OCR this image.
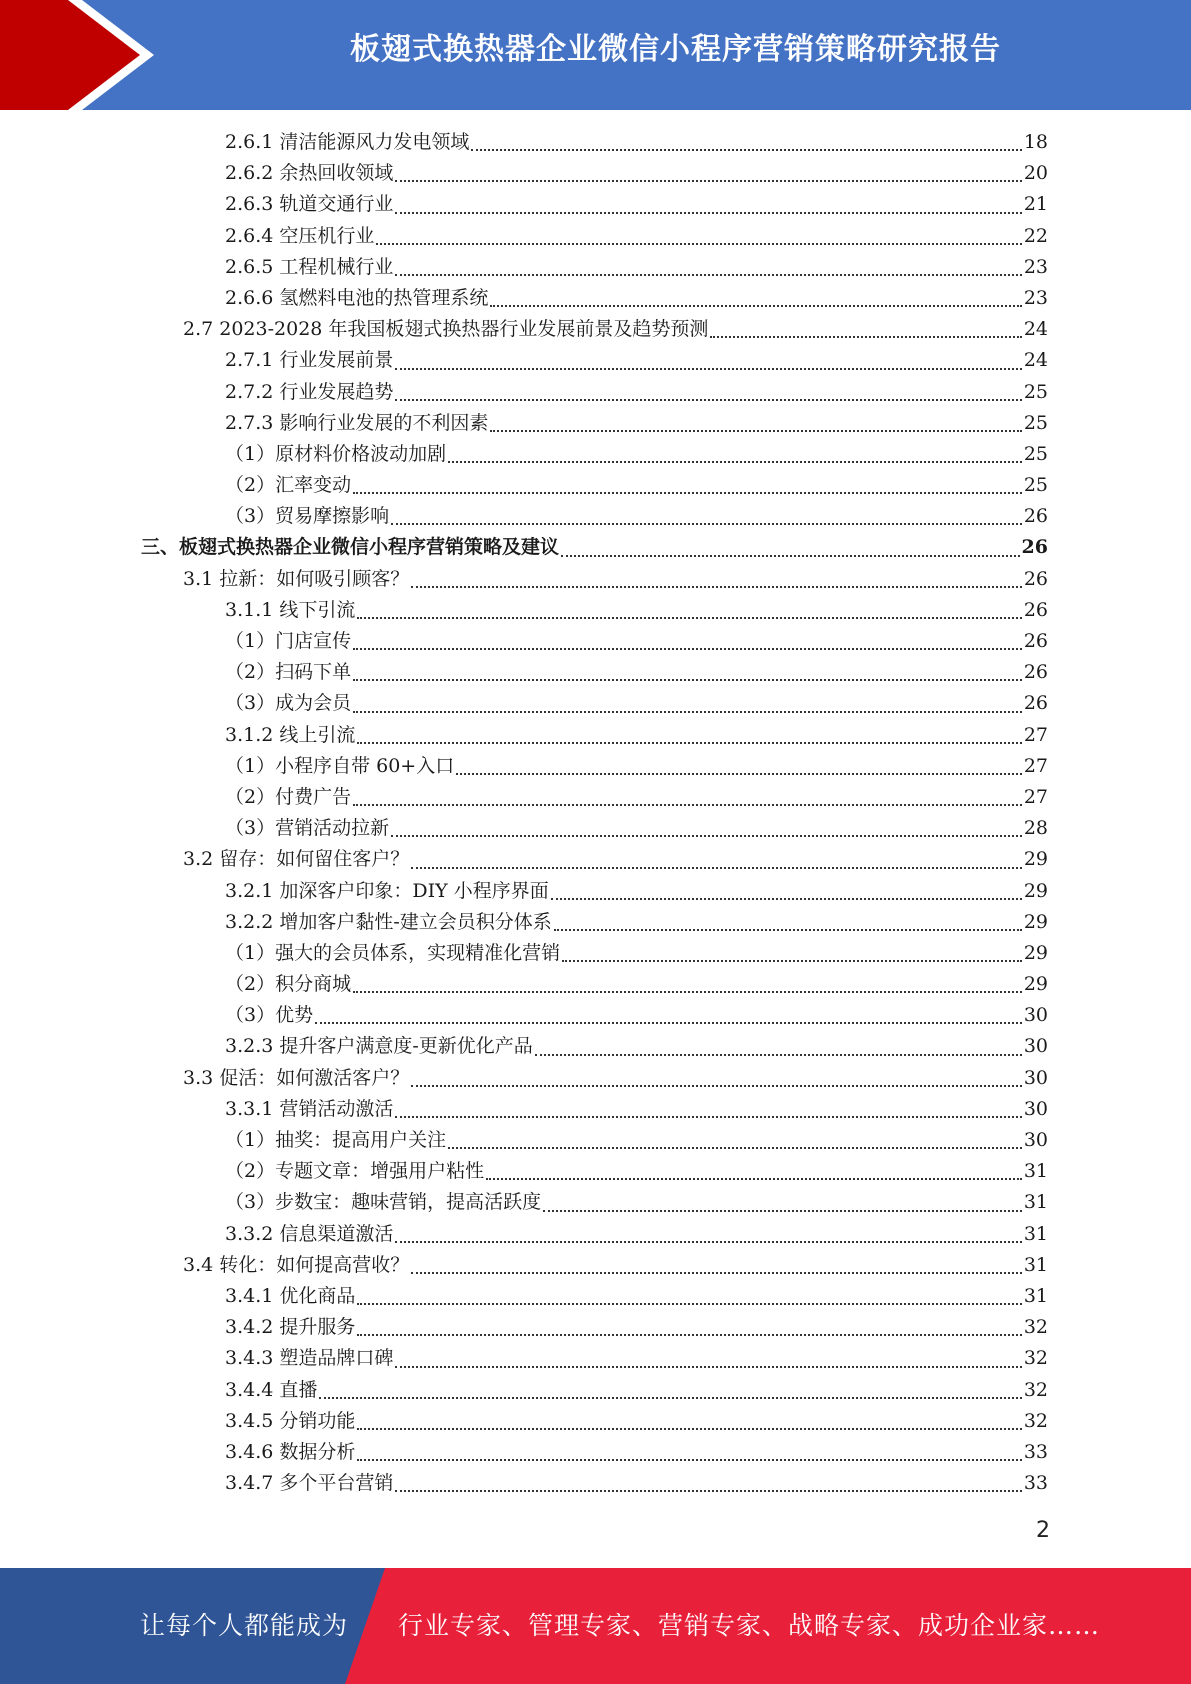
板翅式换热器企业微信小程序营销策略研究报告
2.6.1 清洁能源风力发电领域	18
2.6.2 余热回收领域	20
2.6.3 轨道交通行业	21
2.6.4 空压机行业	22
2.6.5 工程机械行业	23
2.6.6 氢燃料电池的热管理系统	23
2.7 2023-2028 年我国板翅式换热器行业发展前景及趋势预测	24
2.7.1 行业发展前景	24
2.7.2 行业发展趋势	25
2.7.3 影响行业发展的不利因素	25
（1）原材料价格波动加剧	25
（2）汇率变动	25
（3）贸易摩擦影响	26
三、板翅式换热器企业微信小程序营销策略及建议	26
3.1 拉新：如何吸引顾客？	26
3.1.1 线下引流	26
（1）门店宣传	26
（2）扫码下单	26
（3）成为会员	26
3.1.2 线上引流	27
（1）小程序自带 60+入口	27
（2）付费广告	27
（3）营销活动拉新	28
3.2 留存：如何留住客户？	29
3.2.1 加深客户印象：DIY 小程序界面	29
3.2.2 增加客户黏性-建立会员积分体系	29
（1）强大的会员体系，实现精准化营销	29
（2）积分商城	29
（3）优势	30
3.2.3 提升客户满意度-更新优化产品	30
3.3 促活：如何激活客户？	30
3.3.1 营销活动激活	30
（1）抽奖：提高用户关注	30
（2）专题文章：增强用户粘性	31
（3）步数宝：趣味营销，提高活跃度	31
3.3.2 信息渠道激活	31
3.4 转化：如何提高营收？	31
3.4.1 优化商品	31
3.4.2 提升服务	32
3.4.3 塑造品牌口碑	32
3.4.4 直播	32
3.4.5 分销功能	32
3.4.6 数据分析	33
3.4.7 多个平台营销	33
2
让每个人都能成为 行业专家、管理专家、营销专家、战略专家、成功企业家……
